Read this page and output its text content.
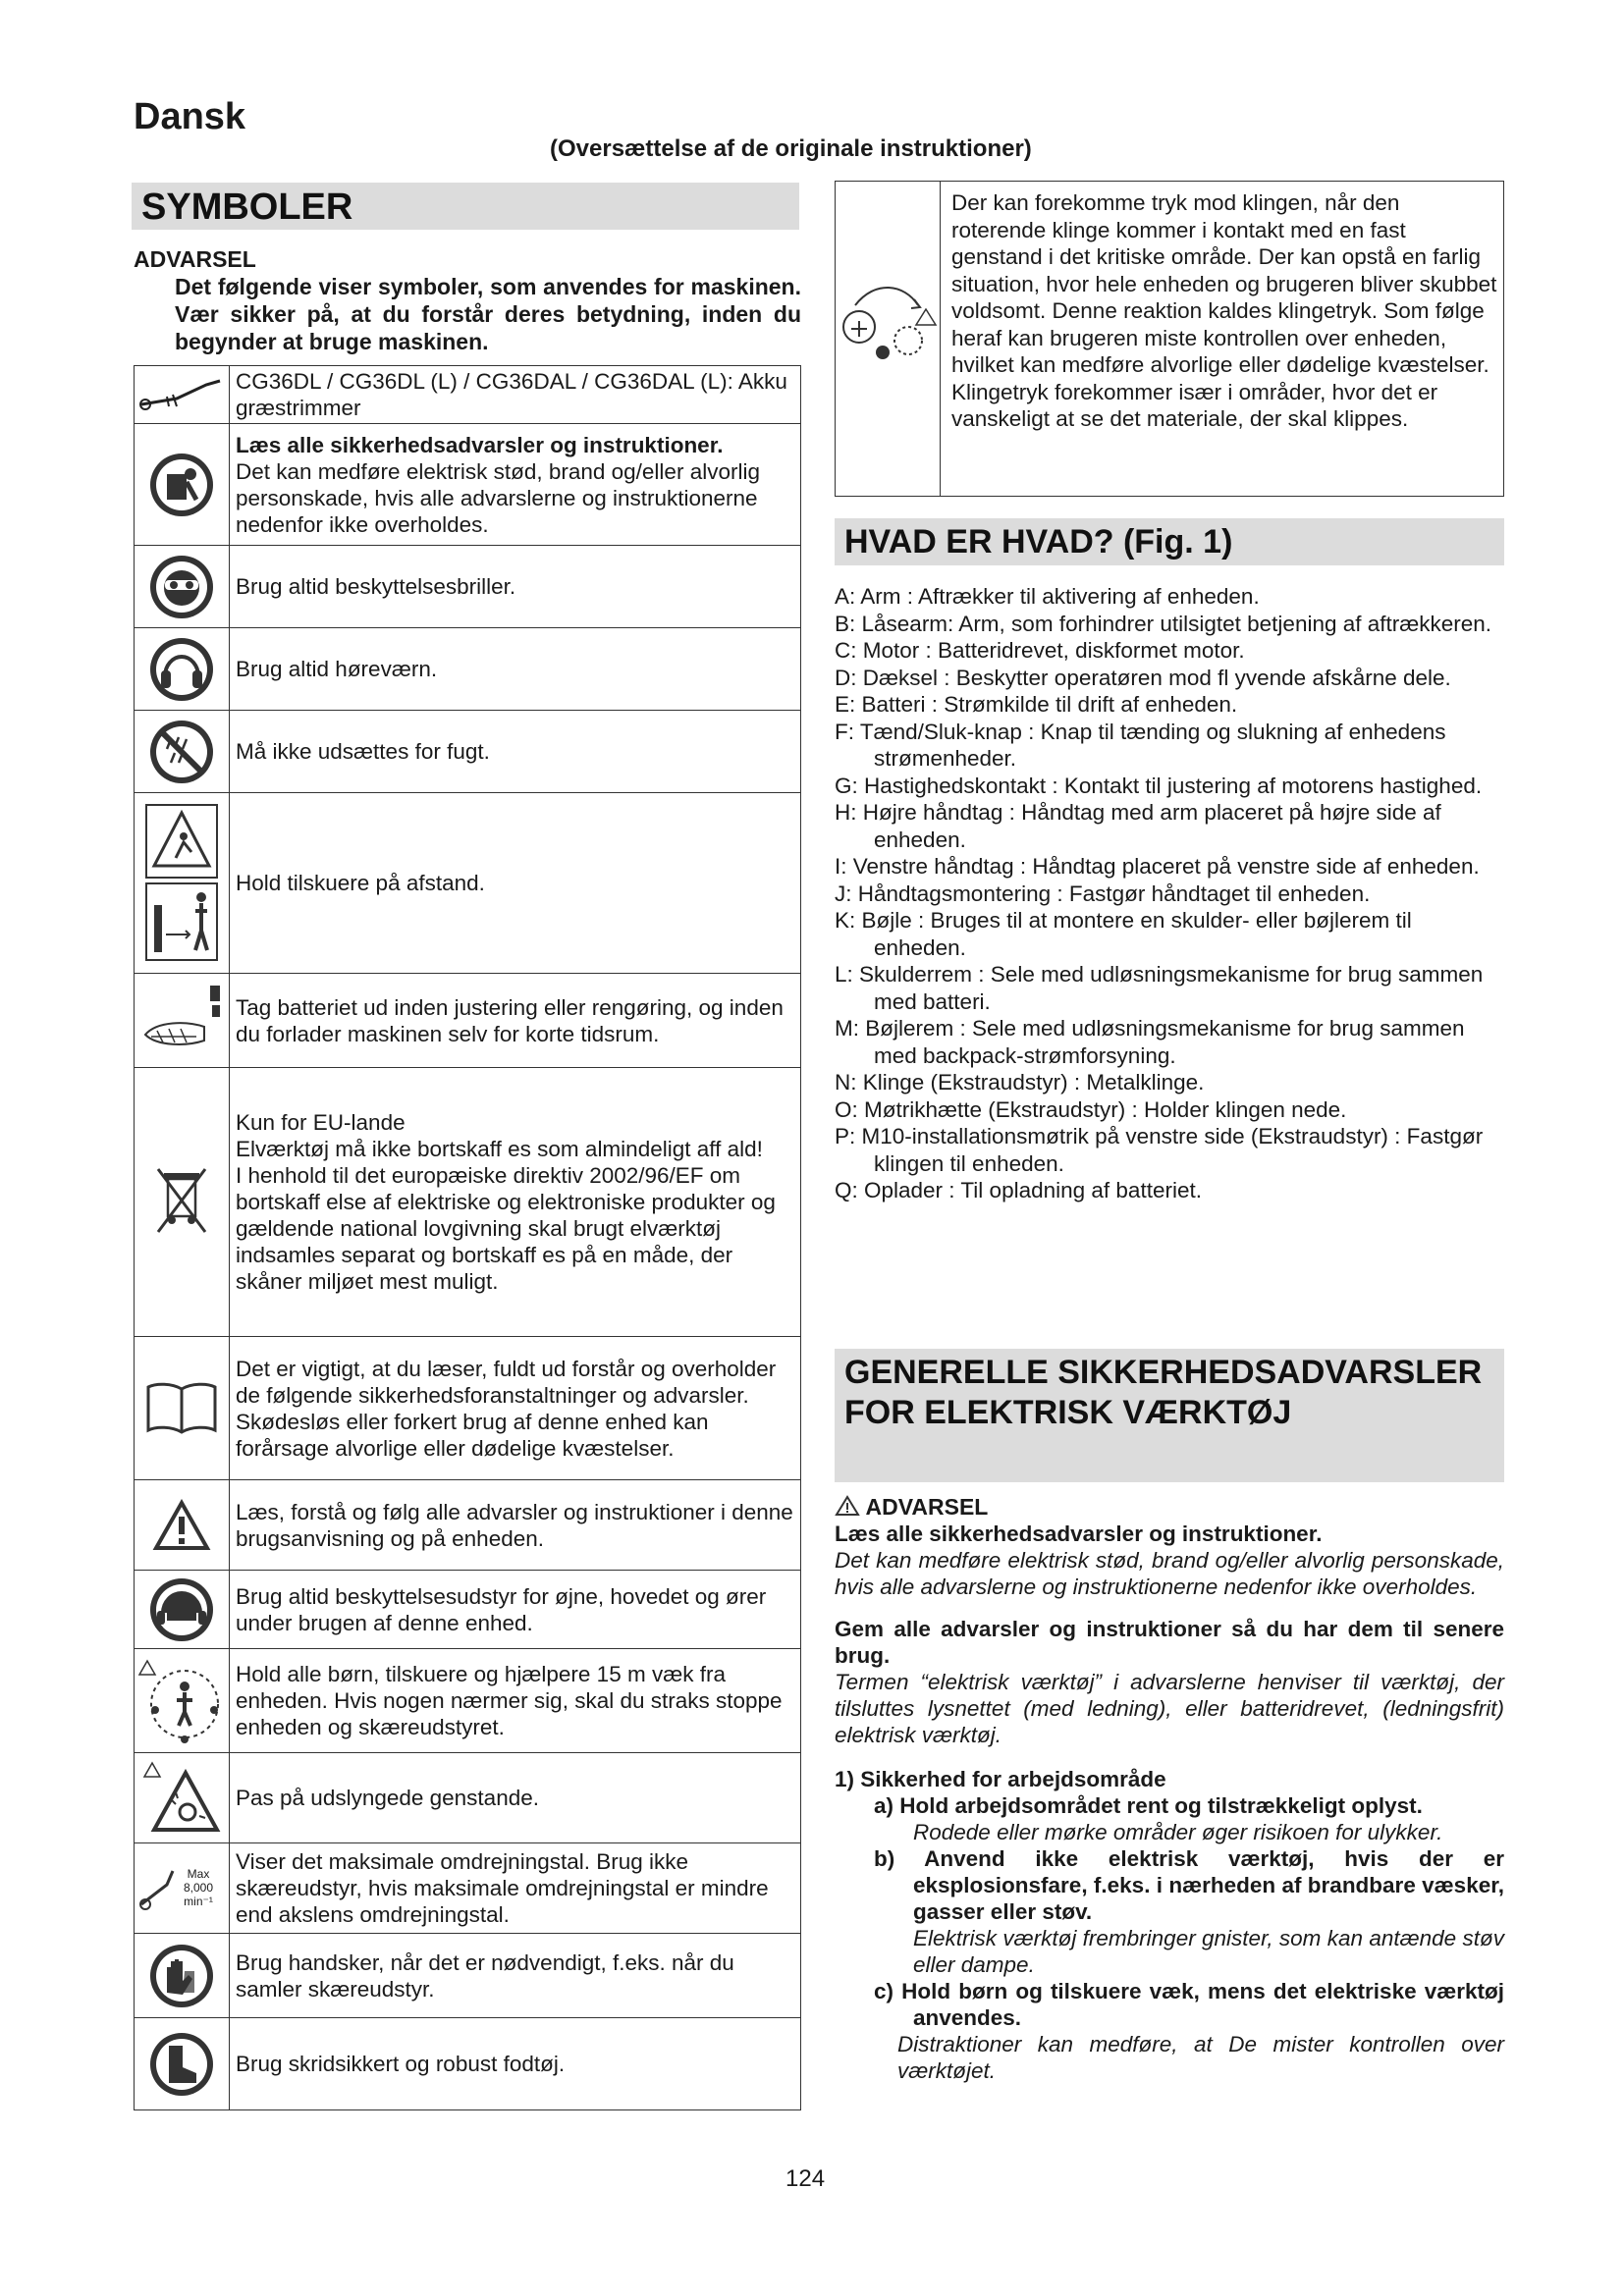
Dansk
(Oversættelse af de originale instruktioner)
SYMBOLER
ADVARSEL
Det følgende viser symboler, som anvendes for maskinen. Vær sikker på, at du forstår deres betydning, inden du begynder at bruge maskinen.
	CG36DL / CG36DL (L) / CG36DAL / CG36DAL (L): Akku græstrimmer

Læs alle sikkerhedsadvarsler og instruktioner.
Det kan medføre elektrisk stød, brand og/eller alvorlig personskade, hvis alle advarslerne og instruktionerne nedenfor ikke overholdes.

	Brug altid beskyttelsesbriller.

	Brug altid høreværn.

	Må ikke udsættes for fugt.

	Hold tilskuere på afstand.

	Tag batteriet ud inden justering eller rengøring, og inden du forlader maskinen selv for korte tidsrum.

Kun for EU-lande
Elværktøj må ikke bortskaff es som almindeligt aff ald!
I henhold til det europæiske direktiv 2002/96/EF om bortskaff else af elektriske og elektroniske produkter og gældende national lovgivning skal brugt elværktøj indsamles separat og bortskaff es på en måde, der skåner miljøet mest muligt.

	Det er vigtigt, at du læser, fuldt ud forstår og overholder de følgende sikkerhedsforanstaltninger og advarsler. Skødesløs eller forkert brug af denne enhed kan forårsage alvorlige eller dødelige kvæstelser.

	Læs, forstå og følg alle advarsler og instruktioner i denne brugsanvisning og på enheden.

	Brug altid beskyttelsesudstyr for øjne, hovedet og ører under brugen af denne enhed.

	Hold alle børn, tilskuere og hjælpere 15 m væk fra enheden. Hvis nogen nærmer sig, skal du straks stoppe enheden og skæreudstyret.

	Pas på udslyngede genstande.

Max
8,000 min⁻¹	Viser det maksimale omdrejningstal. Brug ikke skæreudstyr, hvis maksimale omdrejningstal er mindre end akslens omdrejningstal.

	Brug handsker, når det er nødvendigt, f.eks. når du samler skæreudstyr.

	Brug skridsikkert og robust fodtøj.
Der kan forekomme tryk mod klingen, når den roterende klinge kommer i kontakt med en fast genstand i det kritiske område. Der kan opstå en farlig situation, hvor hele enheden og brugeren bliver skubbet voldsomt. Denne reaktion kaldes klingetryk. Som følge heraf kan brugeren miste kontrollen over enheden, hvilket kan medføre alvorlige eller dødelige kvæstelser. Klingetryk forekommer især i områder, hvor det er vanskeligt at se det materiale, der skal klippes.
HVAD ER HVAD? (Fig. 1)
A: Arm : Aftrækker til aktivering af enheden.
B: Låsearm: Arm, som forhindrer utilsigtet betjening af aftrækkeren.
C: Motor : Batteridrevet, diskformet motor.
D: Dæksel : Beskytter operatøren mod fl yvende afskårne dele.
E: Batteri : Strømkilde til drift af enheden.
F: Tænd/Sluk-knap : Knap til tænding og slukning af enhedens strømenheder.
G: Hastighedskontakt : Kontakt til justering af motorens hastighed.
H: Højre håndtag : Håndtag med arm placeret på højre side af enheden.
I: Venstre håndtag : Håndtag placeret på venstre side af enheden.
J: Håndtagsmontering : Fastgør håndtaget til enheden.
K: Bøjle : Bruges til at montere en skulder- eller bøjlerem til enheden.
L: Skulderrem : Sele med udløsningsmekanisme for brug sammen med batteri.
M: Bøjlerem : Sele med udløsningsmekanisme for brug sammen med backpack-strømforsyning.
N: Klinge (Ekstraudstyr) : Metalklinge.
O: Møtrikhætte (Ekstraudstyr) : Holder klingen nede.
P: M10-installationsmøtrik på venstre side (Ekstraudstyr) : Fastgør klingen til enheden.
Q: Oplader : Til opladning af batteriet.
GENERELLE SIKKERHEDSADVARSLER FOR ELEKTRISK VÆRKTØJ
ADVARSEL
Læs alle sikkerhedsadvarsler og instruktioner.
Det kan medføre elektrisk stød, brand og/eller alvorlig personskade, hvis alle advarslerne og instruktionerne nedenfor ikke overholdes.
Gem alle advarsler og instruktioner så du har dem til senere brug.
Termen “elektrisk værktøj” i advarslerne henviser til værktøj, der tilsluttes lysnettet (med ledning), eller batteridrevet, (ledningsfrit) elektrisk værktøj.
1) Sikkerhed for arbejdsområde
a) Hold arbejdsområdet rent og tilstrækkeligt oplyst.
Rodede eller mørke områder øger risikoen for ulykker.
b) Anvend ikke elektrisk værktøj, hvis der er eksplosionsfare, f.eks. i nærheden af brandbare væsker, gasser eller støv.
Elektrisk værktøj frembringer gnister, som kan antænde støv eller dampe.
c) Hold børn og tilskuere væk, mens det elektriske værktøj anvendes.
Distraktioner kan medføre, at De mister kontrollen over værktøjet.
124
